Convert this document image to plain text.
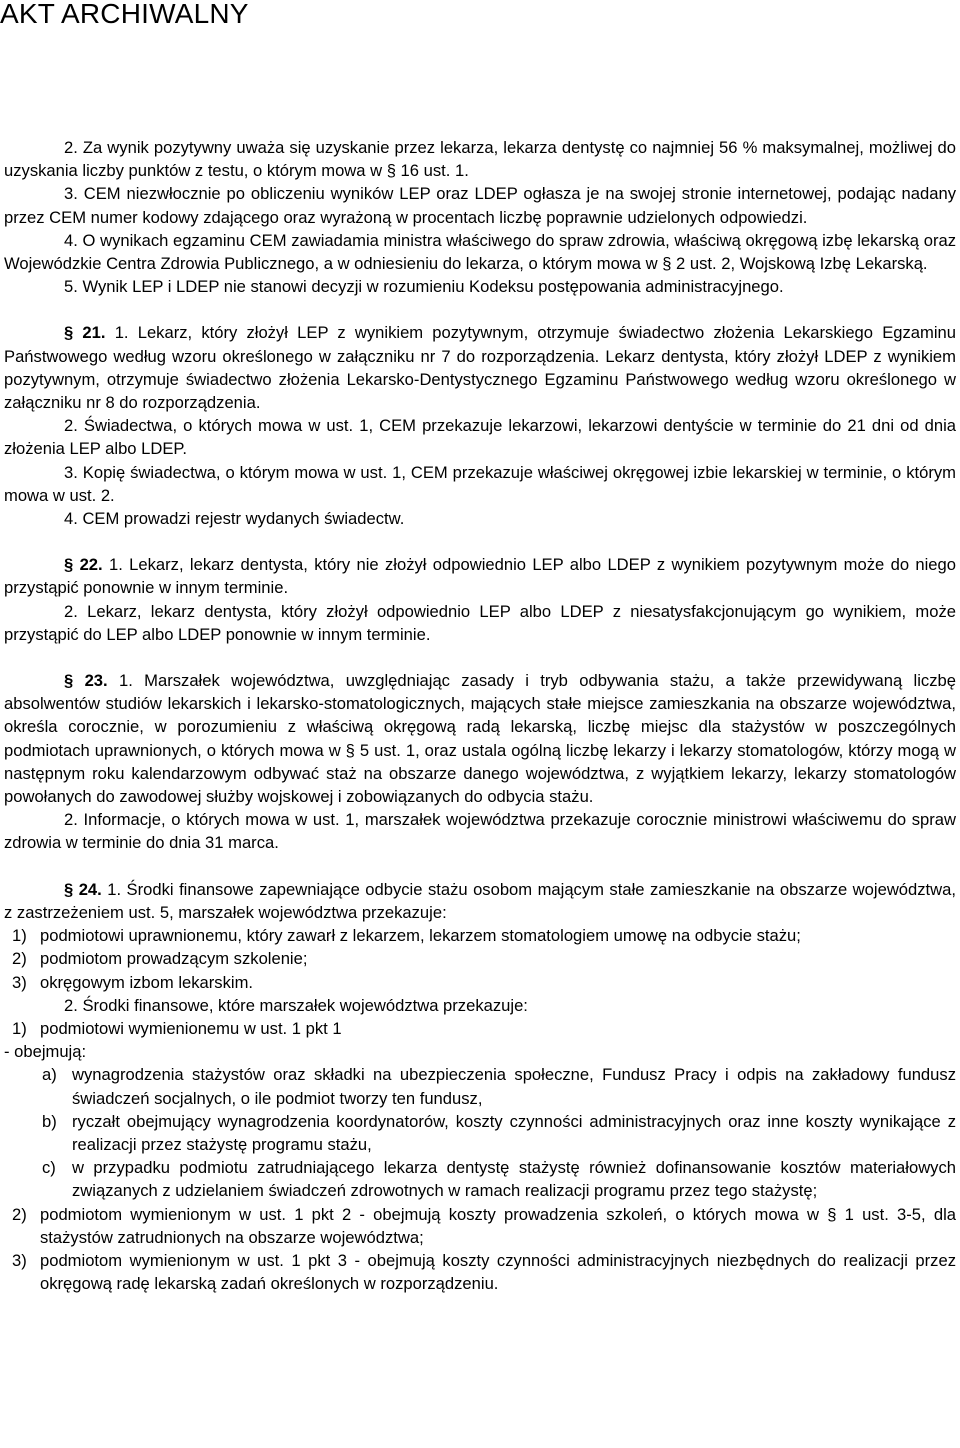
AKT ARCHIWALNY

2. Za wynik pozytywny uważa się uzyskanie przez lekarza, lekarza dentystę co najmniej 56 % maksymalnej, możliwej do uzyskania liczby punktów z testu, o którym mowa w § 16 ust. 1.

3. CEM niezwłocznie po obliczeniu wyników LEP oraz LDEP ogłasza je na swojej stronie internetowej, podając nadany przez CEM numer kodowy zdającego oraz wyrażoną w procentach liczbę poprawnie udzielonych odpowiedzi.

4. O wynikach egzaminu CEM zawiadamia ministra właściwego do spraw zdrowia, właściwą okręgową izbę lekarską oraz Wojewódzkie Centra Zdrowia Publicznego, a w odniesieniu do lekarza, o którym mowa w § 2 ust. 2, Wojskową Izbę Lekarską.

5. Wynik LEP i LDEP nie stanowi decyzji w rozumieniu Kodeksu postępowania administracyjnego.

§ 21. 1. Lekarz, który złożył LEP z wynikiem pozytywnym, otrzymuje świadectwo złożenia Lekarskiego Egzaminu Państwowego według wzoru określonego w załączniku nr 7 do rozporządzenia. Lekarz dentysta, który złożył LDEP z wynikiem pozytywnym, otrzymuje świadectwo złożenia Lekarsko-Dentystycznego Egzaminu Państwowego według wzoru określonego w załączniku nr 8 do rozporządzenia.

2. Świadectwa, o których mowa w ust. 1, CEM przekazuje lekarzowi, lekarzowi dentyście w terminie do 21 dni od dnia złożenia LEP albo LDEP.

3. Kopię świadectwa, o którym mowa w ust. 1, CEM przekazuje właściwej okręgowej izbie lekarskiej w terminie, o którym mowa w ust. 2.

4. CEM prowadzi rejestr wydanych świadectw.

§ 22. 1. Lekarz, lekarz dentysta, który nie złożył odpowiednio LEP albo LDEP z wynikiem pozytywnym może do niego przystąpić ponownie w innym terminie.

2. Lekarz, lekarz dentysta, który złożył odpowiednio LEP albo LDEP z niesatysfakcjonującym go wynikiem, może przystąpić do LEP albo LDEP ponownie w innym terminie.

§ 23. 1. Marszałek województwa, uwzględniając zasady i tryb odbywania stażu, a także przewidywaną liczbę absolwentów studiów lekarskich i lekarsko-stomatologicznych, mających stałe miejsce zamieszkania na obszarze województwa, określa corocznie, w porozumieniu z właściwą okręgową radą lekarską, liczbę miejsc dla stażystów w poszczególnych podmiotach uprawnionych, o których mowa w § 5 ust. 1, oraz ustala ogólną liczbę lekarzy i lekarzy stomatologów, którzy mogą w następnym roku kalendarzowym odbywać staż na obszarze danego województwa, z wyjątkiem lekarzy, lekarzy stomatologów powołanych do zawodowej służby wojskowej i zobowiązanych do odbycia stażu.

2. Informacje, o których mowa w ust. 1, marszałek województwa przekazuje corocznie ministrowi właściwemu do spraw zdrowia w terminie do dnia 31 marca.

§ 24. 1. Środki finansowe zapewniające odbycie stażu osobom mającym stałe zamieszkanie na obszarze województwa, z zastrzeżeniem ust. 5, marszałek województwa przekazuje:

1) podmiotowi uprawnionemu, który zawarł z lekarzem, lekarzem stomatologiem umowę na odbycie stażu;
2) podmiotom prowadzącym szkolenie;
3) okręgowym izbom lekarskim.

2. Środki finansowe, które marszałek województwa przekazuje:

1) podmiotowi wymienionemu w ust. 1 pkt 1

- obejmują:

a) wynagrodzenia stażystów oraz składki na ubezpieczenia społeczne, Fundusz Pracy i odpis na zakładowy fundusz świadczeń socjalnych, o ile podmiot tworzy ten fundusz,
b) ryczałt obejmujący wynagrodzenia koordynatorów, koszty czynności administracyjnych oraz inne koszty wynikające z realizacji przez stażystę programu stażu,
c) w przypadku podmiotu zatrudniającego lekarza dentystę stażystę również dofinansowanie kosztów materiałowych związanych z udzielaniem świadczeń zdrowotnych w ramach realizacji programu przez tego stażystę;
2) podmiotom wymienionym w ust. 1 pkt 2 - obejmują koszty prowadzenia szkoleń, o których mowa w § 1 ust. 3-5, dla stażystów zatrudnionych na obszarze województwa;
3) podmiotom wymienionym w ust. 1 pkt 3 - obejmują koszty czynności administracyjnych niezbędnych do realizacji przez okręgową radę lekarską zadań określonych w rozporządzeniu.
